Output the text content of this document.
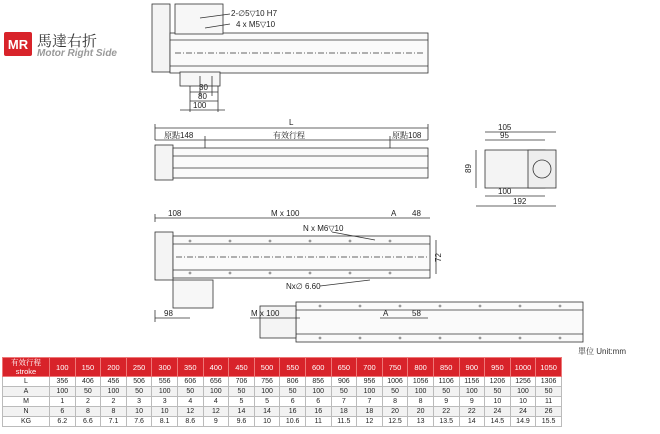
MR 馬達右折
Motor Right Side
2-∅5▽10 H7
4 x M5▽10
30
80
100
L
原點148	有效行程	原點108
105
95
89
100
192
108	M x 100	A 48
N x M6▽10
72
Nx∅ 6.60
98	M x 100	A	58
單位 Unit:mm
有效行程
stroke	100	150	200	250	300	350	400	450	500	550	600	650	700	750	800	850	900	950	1000	1050
L	356	406	456	506	556	606	656	706	756	806	856	906	956	1006	1056	1106	1156	1206	1256	1306
A	100	50	100	50	100	50	100	50	100	50	100	50	100	50	100	50	100	50	100	50
M	1	2	2	3	3	4	4	5	5	6	6	7	7	8	8	9	9	10	10	11
N	6	8	8	10	10	12	12	14	14	16	16	18	18	20	20	22	22	24	24	26
KG	6.2	6.6	7.1	7.6	8.1	8.6	9	9.6	10	10.6	11	11.5	12	12.5	13	13.5	14	14.5	14.9	15.5
